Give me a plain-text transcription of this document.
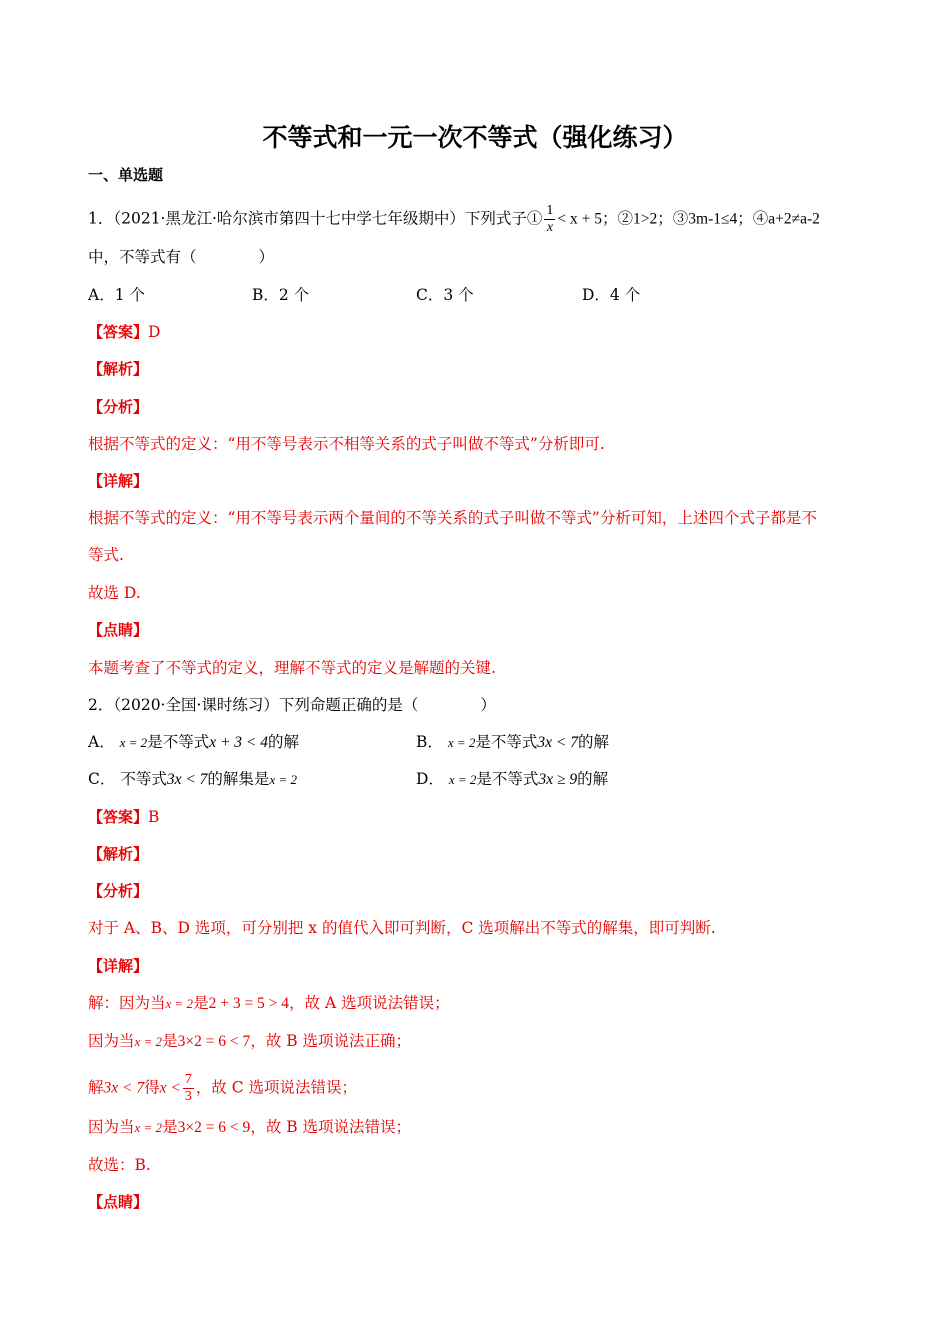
不等式和一元一次不等式（强化练习）
一、单选题
1．（2021·黑龙江·哈尔滨市第四十七中学七年级期中）下列式子① $\frac{1}{x} < x + 5$；②1>2；③3m-1≤4；④a+2≠a-2
中，不等式有（	）
A．1 个	B．2 个	C．3 个	D．4 个
【答案】D
【解析】
【分析】
根据不等式的定义：“用不等号表示不相等关系的式子叫做不等式”分析即可.
【详解】
根据不等式的定义：“用不等号表示两个量间的不等关系的式子叫做不等式”分析可知，上述四个式子都是不
等式.
故选 D.
【点睛】
本题考查了不等式的定义，理解不等式的定义是解题的关键.
2．（2020·全国·课时练习）下列命题正确的是（	）
A． x = 2是不等式x + 3 < 4的解	B． x = 2是不等式3x < 7的解
C． 不等式3x < 7的解集是x = 2	D． x = 2是不等式3x ≥ 9的解
【答案】B
【解析】
【分析】
对于 A、B、D 选项，可分别把 x 的值代入即可判断，C 选项解出不等式的解集，即可判断.
【详解】
解：因为当x = 2是2 + 3 = 5 > 4，故 A 选项说法错误；
因为当x = 2是3×2 = 6 < 7，故 B 选项说法正确；
解3x < 7得$x < \frac{7}{3}$ ，故 C 选项说法错误；
因为当x = 2是3×2 = 6 < 9，故 B 选项说法错误；
故选：B.
【点睛】
